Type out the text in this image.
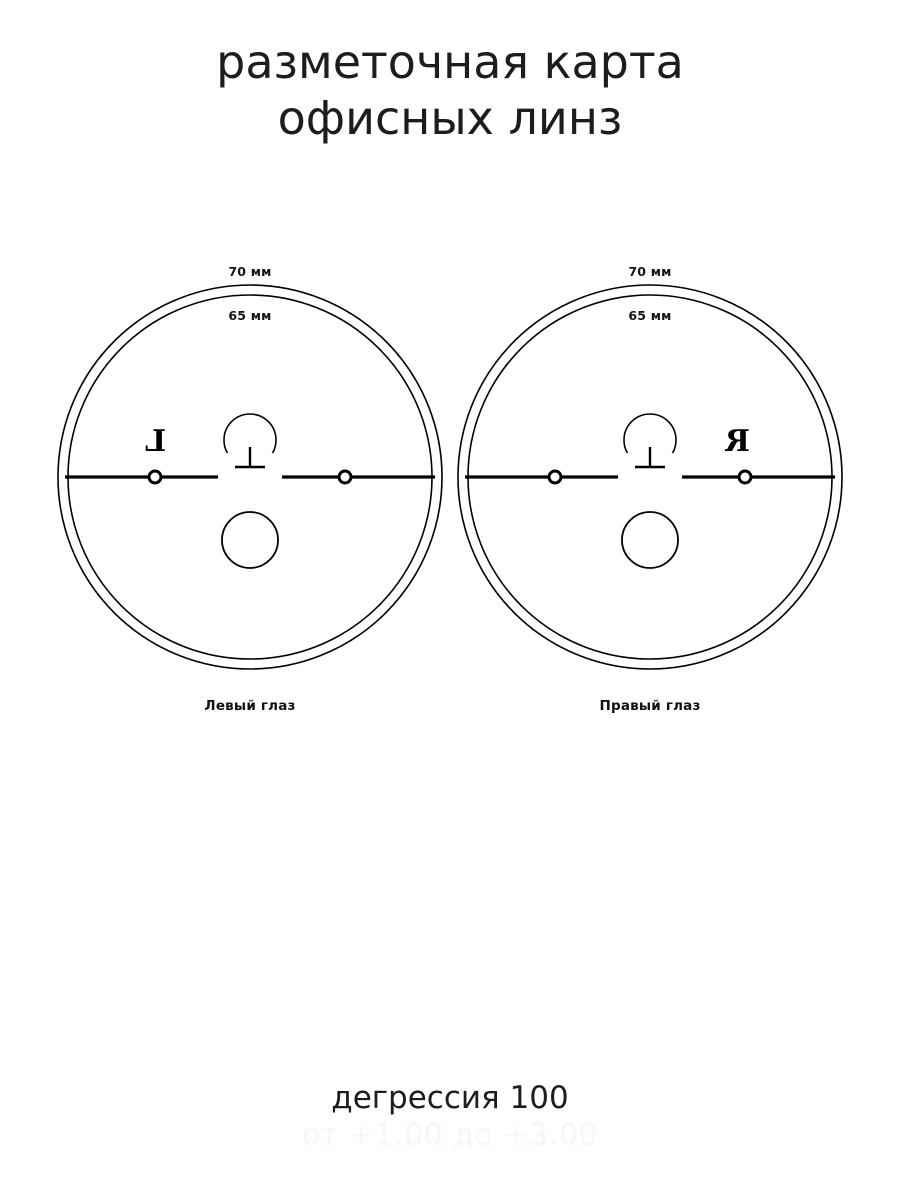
разметочная карта
офисных линз
70 мм
65 мм
L
Левый глаз
70 мм
65 мм
R
Правый глаз
дегрессия 100
от +1.00 до +3.00
